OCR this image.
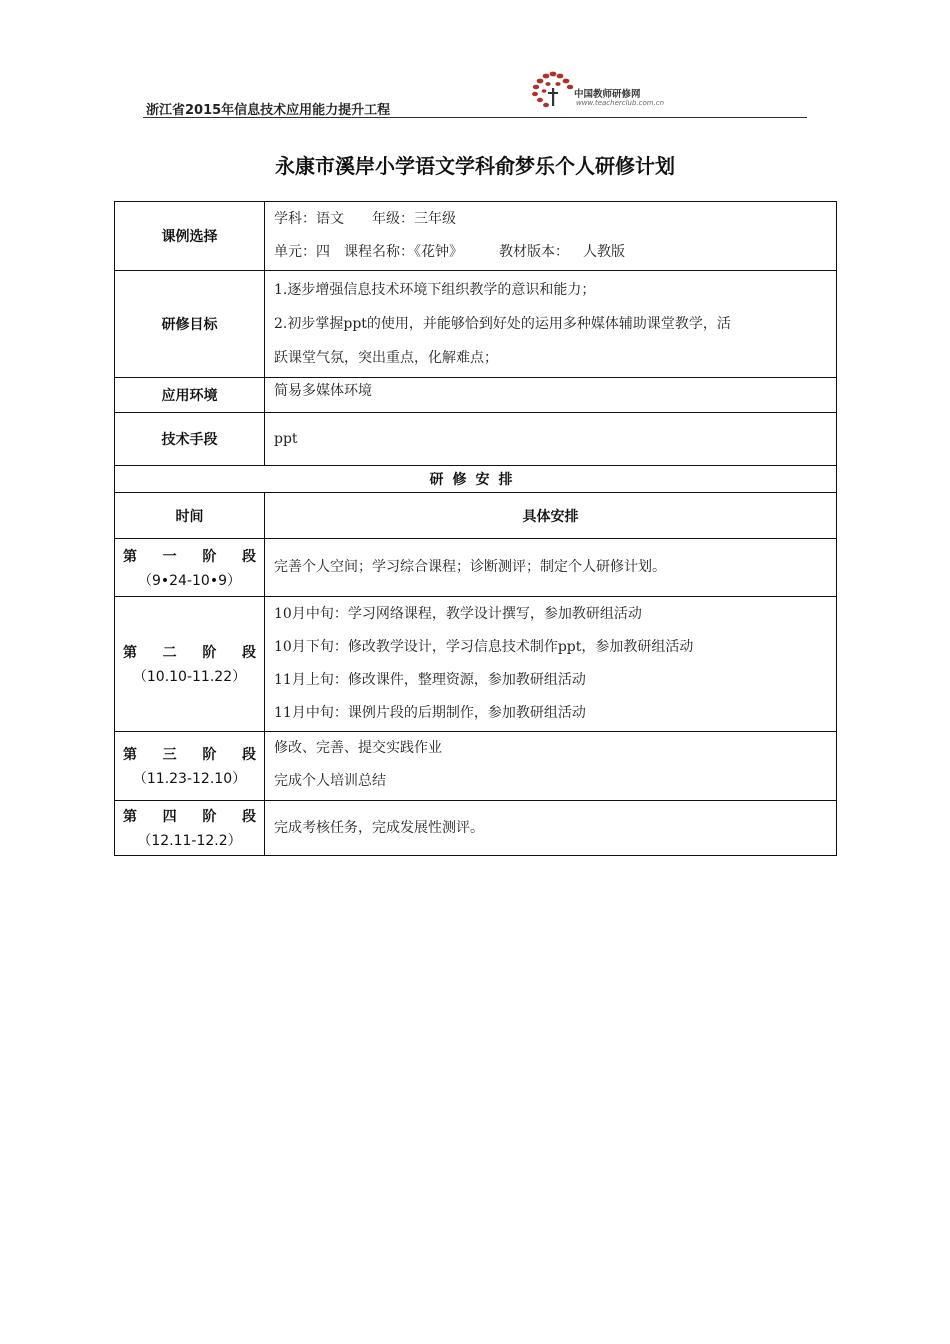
浙江省2015年信息技术应用能力提升工程
中国教师研修网
www.teacherclub.com.cn
永康市溪岸小学语文学科俞梦乐个人研修计划
课例选择	学科：语文 年级：三年级
单元：四 课程名称：《花钟》 教材版本： 人教版

研修目标	1.逐步增强信息技术环境下组织教学的意识和能力；
2.初步掌握ppt的使用，并能够恰到好处的运用多种媒体辅助课堂教学，活
跃课堂气氛，突出重点，化解难点；

应用环境	简易多媒体环境
技术手段	ppt
研修安排	
时间	具体安排

第 一 阶 段
（9•24-10•9）	完善个人空间；学习综合课程；诊断测评；制定个人研修计划。

第 二 阶 段
（10.10-11.22）	10月中旬：学习网络课程，教学设计撰写，参加教研组活动
10月下旬：修改教学设计，学习信息技术制作ppt，参加教研组活动
11月上旬：修改课件，整理资源，参加教研组活动
11月中旬：课例片段的后期制作，参加教研组活动

第 三 阶 段
（11.23-12.10）	修改、完善、提交实践作业
完成个人培训总结

第 四 阶 段
（12.11-12.2）	完成考核任务，完成发展性测评。
